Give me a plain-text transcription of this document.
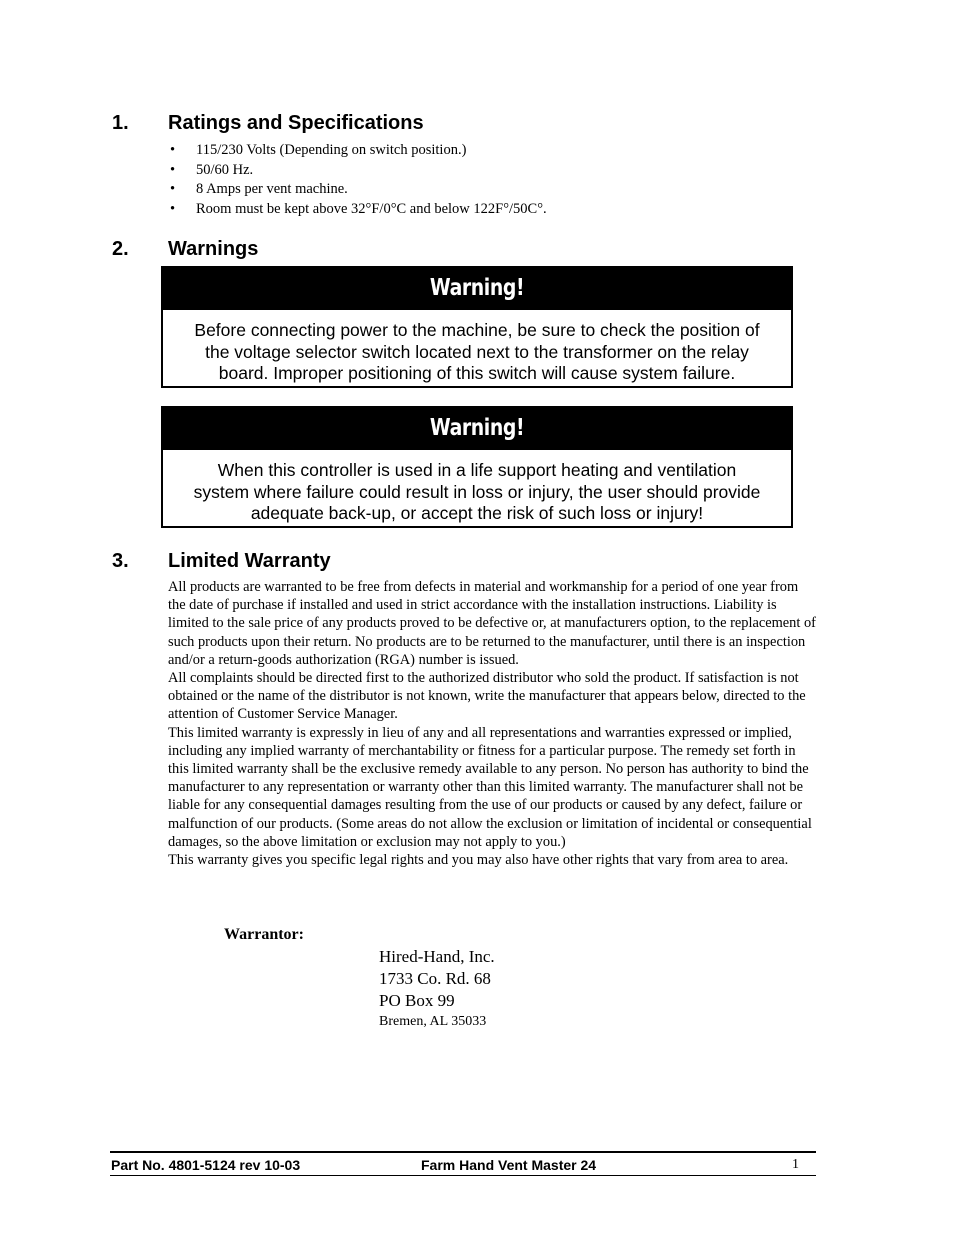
1. Ratings and Specifications
• 115/230 Volts (Depending on switch position.)
• 50/60 Hz.
• 8 Amps per vent machine.
• Room must be kept above 32°F/0°C and below 122F°/50C°.
2. Warnings
Warning!
Before connecting power to the machine, be sure to check the position of
the voltage selector switch located next to the transformer on the relay
board. Improper positioning of this switch will cause system failure.
Warning!
When this controller is used in a life support heating and ventilation
system where failure could result in loss or injury, the user should provide
adequate back-up, or accept the risk of such loss or injury!
3. Limited Warranty

All products are warranted to be free from defects in material and workmanship for a period of one year from the date of purchase if installed and used in strict accordance with the installation instructions. Liability is limited to the sale price of any products proved to be defective or, at manufacturers option, to the replacement of such products upon their return. No products are to be returned to the manufacturer, until there is an inspection and/or a return-goods authorization (RGA) number is issued.

All complaints should be directed first to the authorized distributor who sold the product. If satisfaction is not obtained or the name of the distributor is not known, write the manufacturer that appears below, directed to the attention of Customer Service Manager.

This limited warranty is expressly in lieu of any and all representations and warranties expressed or implied, including any implied warranty of merchantability or fitness for a particular purpose. The remedy set forth in this limited warranty shall be the exclusive remedy available to any person. No person has authority to bind the manufacturer to any representation or warranty other than this limited warranty. The manufacturer shall not be liable for any consequential damages resulting from the use of our products or caused by any defect, failure or malfunction of our products. (Some areas do not allow the exclusion or limitation of incidental or consequential damages, so the above limitation or exclusion may not apply to you.)

This warranty gives you specific legal rights and you may also have other rights that vary from area to area.

Warrantor:
Hired-Hand, Inc.
1733 Co. Rd. 68
PO Box 99
Bremen, AL 35033
Part No. 4801-5124 rev 10-03	Farm Hand Vent Master 24	1
